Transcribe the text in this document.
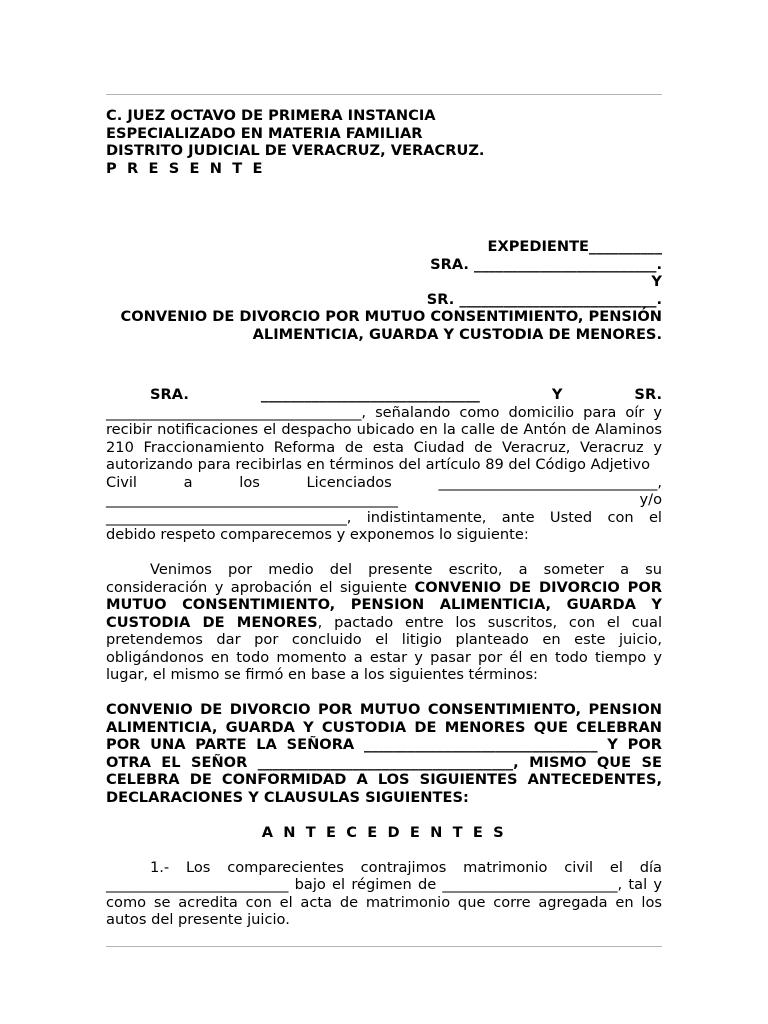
C. JUEZ OCTAVO DE PRIMERA INSTANCIA

ESPECIALIZADO EN MATERIA FAMILIAR

DISTRITO JUDICIAL DE VERACRUZ, VERACRUZ.

P R E S E N T E

EXPEDIENTE__________

SRA. _________________________.

Y

SR. ___________________________.

CONVENIO DE DIVORCIO POR MUTUO CONSENTIMIENTO, PENSIÓN

ALIMENTICIA, GUARDA Y CUSTODIA DE MENORES.

SRA. ______________________________ Y SR.

___________________________________, señalando como domicilio para oír y recibir notificaciones el despacho ubicado en la calle de Antón de Alaminos 210 Fraccionamiento Reforma de esta Ciudad de Veracruz, Veracruz y autorizando para recibirlas en términos del artículo 89 del Código Adjetivo

Civil a los Licenciados ______________________________,

________________________________________ y/o

_________________________________, indistintamente, ante Usted con el debido respeto comparecemos y exponemos lo siguiente:

Venimos por medio del presente escrito, a someter a su consideración y aprobación el siguiente CONVENIO DE DIVORCIO POR MUTUO CONSENTIMIENTO, PENSION ALIMENTICIA, GUARDA Y CUSTODIA DE MENORES, pactado entre los suscritos, con el cual pretendemos dar por concluido el litigio planteado en este juicio, obligándonos en todo momento a estar y pasar por él en todo tiempo y lugar, el mismo se firmó en base a los siguientes términos:

CONVENIO DE DIVORCIO POR MUTUO CONSENTIMIENTO, PENSION ALIMENTICIA, GUARDA Y CUSTODIA DE MENORES QUE CELEBRAN POR UNA PARTE LA SEÑORA ________________________________ Y POR OTRA EL SEÑOR ___________________________________, MISMO QUE SE CELEBRA DE CONFORMIDAD A LOS SIGUIENTES ANTECEDENTES, DECLARACIONES Y CLAUSULAS SIGUIENTES:

A N T E C E D E N T E S

1.- Los comparecientes contrajimos matrimonio civil el día _________________________ bajo el régimen de ________________________, tal y como se acredita con el acta de matrimonio que corre agregada en los autos del presente juicio.
